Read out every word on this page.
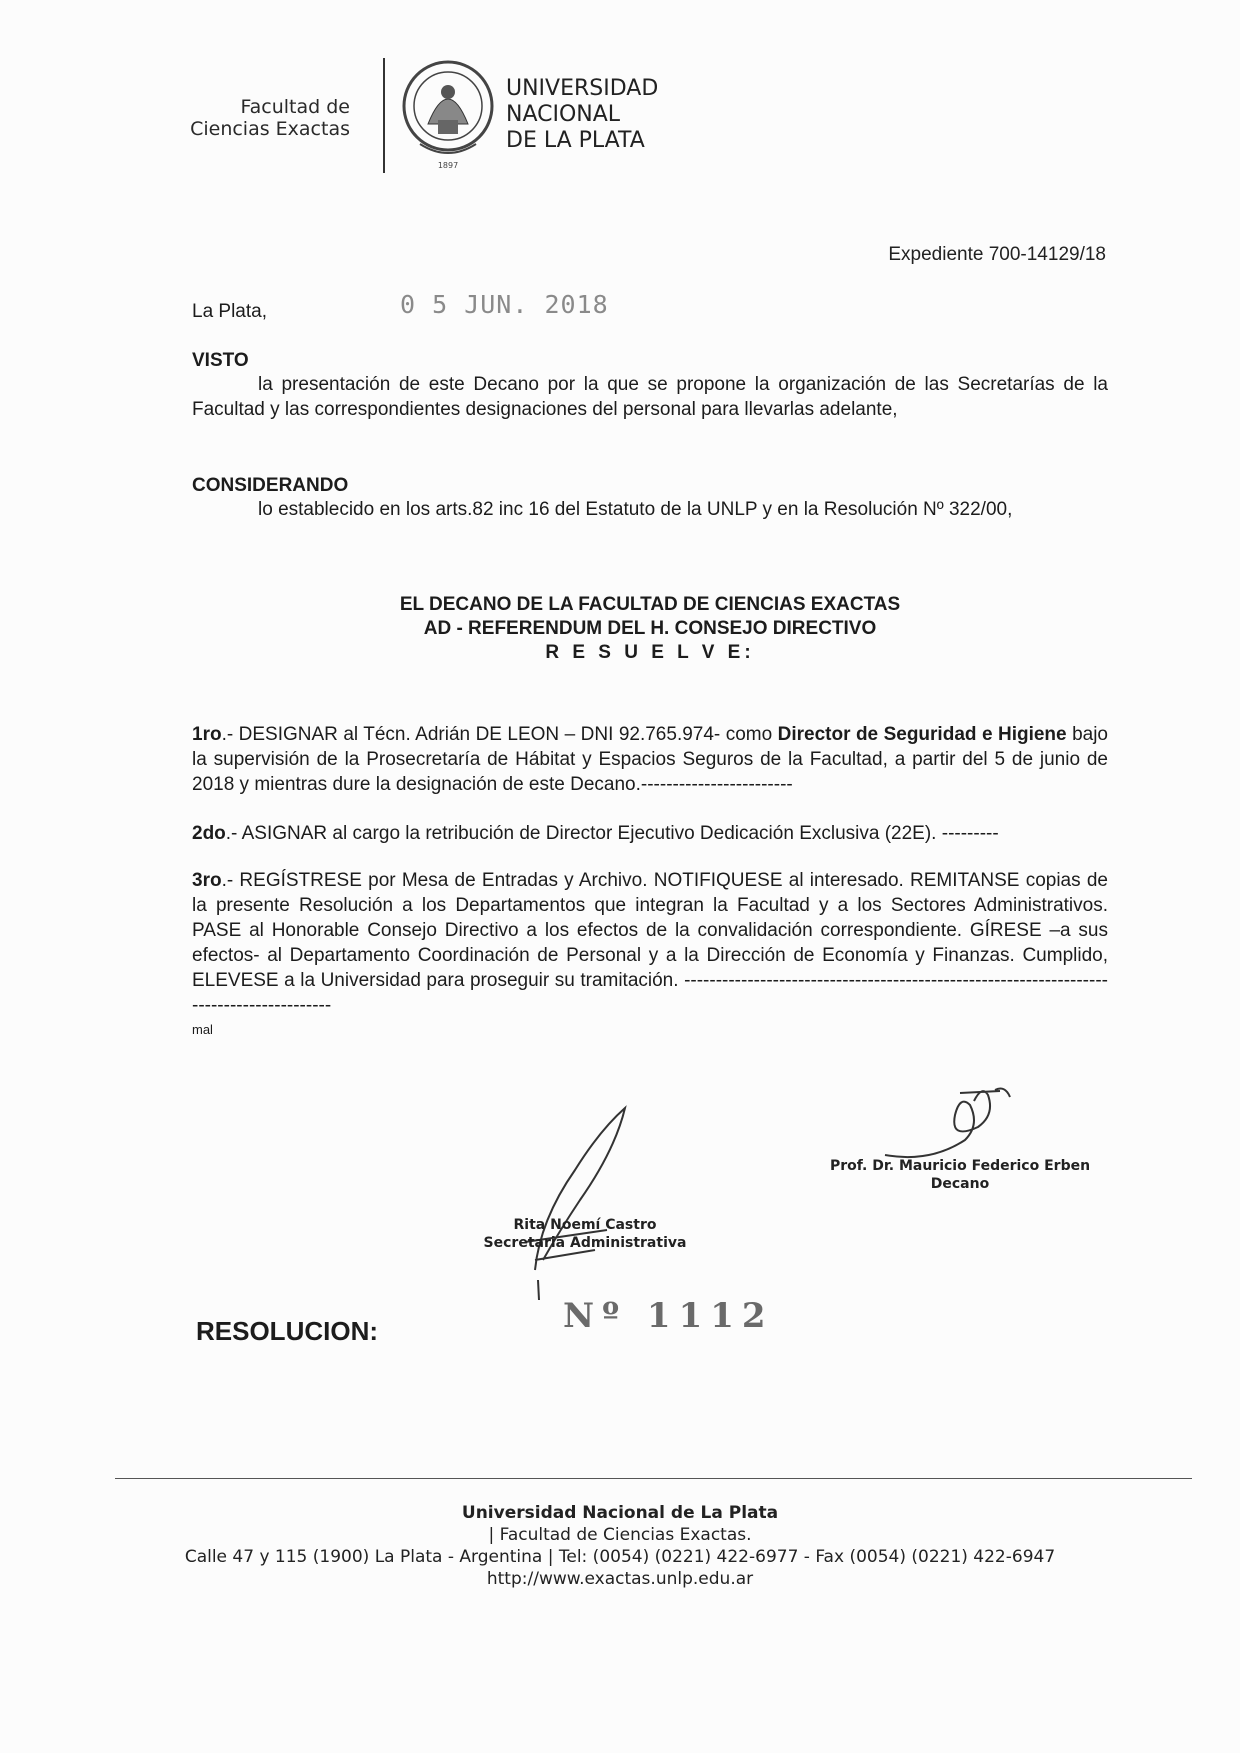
Facultad de
Ciencias Exactas
1897
UNIVERSIDAD
NACIONAL
DE LA PLATA
Expediente 700-14129/18
La Plata,	0 5 JUN. 2018
VISTO
la presentación de este Decano por la que se propone la organización de las Secretarías de la Facultad y las correspondientes designaciones del personal para llevarlas adelante,
CONSIDERANDO
lo establecido en los arts.82 inc 16 del Estatuto de la UNLP y en la Resolución Nº 322/00,
EL DECANO DE LA FACULTAD DE CIENCIAS EXACTAS
AD - REFERENDUM DEL H. CONSEJO DIRECTIVO
R E S U E L V E:
1ro.- DESIGNAR al Técn. Adrián DE LEON – DNI 92.765.974- como Director de Seguridad e Higiene bajo la supervisión de la Prosecretaría de Hábitat y Espacios Seguros de la Facultad, a partir del 5 de junio de 2018 y mientras dure la designación de este Decano.------------------------
2do.- ASIGNAR al cargo la retribución de Director Ejecutivo Dedicación Exclusiva (22E). ---------
3ro.- REGÍSTRESE por Mesa de Entradas y Archivo. NOTIFIQUESE al interesado. REMITANSE copias de la presente Resolución a los Departamentos que integran la Facultad y a los Sectores Administrativos. PASE al Honorable Consejo Directivo a los efectos de la convalidación correspondiente. GÍRESE –a sus efectos- al Departamento Coordinación de Personal y a la Dirección de Economía y Finanzas. Cumplido, ELEVESE a la Universidad para proseguir su tramitación. -----------------------------------------------------------------------------------------
mal
Prof. Dr. Mauricio Federico Erben
Decano
Rita Noemí Castro
Secretaria Administrativa
RESOLUCION:	Nº 1112
Universidad Nacional de La Plata
| Facultad de Ciencias Exactas.
Calle 47 y 115 (1900) La Plata - Argentina | Tel: (0054) (0221) 422-6977 - Fax (0054) (0221) 422-6947
http://www.exactas.unlp.edu.ar
